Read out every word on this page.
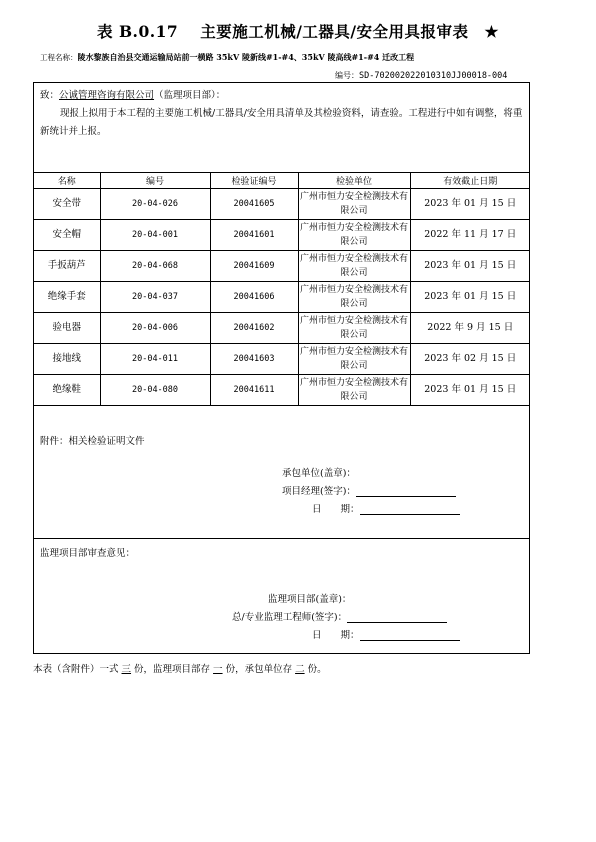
表 B.0.17 主要施工机械/工器具/安全用具报审表 ★
工程名称：陵水黎族自治县交通运输局站前一横路 35kV 陵新线#1-#4、35kV 陵高线#1-#4 迁改工程
编号：SD-702002022010310JJ00018-004
致：公诚管理咨询有限公司（监理项目部）：
现报上拟用于本工程的主要施工机械/工器具/安全用具清单及其检验资料，请查验。工程进行中如有调整，将重新统计并上报。
名称	编号	检验证编号	检验单位	有效截止日期
安全带	20-04-026	20041605	广州市恒力安全检测技术有限公司	2023 年 01 月 15 日
安全帽	20-04-001	20041601	广州市恒力安全检测技术有限公司	2022 年 11 月 17 日
手扳葫芦	20-04-068	20041609	广州市恒力安全检测技术有限公司	2023 年 01 月 15 日
绝缘手套	20-04-037	20041606	广州市恒力安全检测技术有限公司	2023 年 01 月 15 日
验电器	20-04-006	20041602	广州市恒力安全检测技术有限公司	2022 年 9 月 15 日
接地线	20-04-011	20041603	广州市恒力安全检测技术有限公司	2023 年 02 月 15 日
绝缘鞋	20-04-080	20041611	广州市恒力安全检测技术有限公司	2023 年 01 月 15 日
附件：相关检验证明文件
承包单位(盖章)：
项目经理(签字)：
日　　期：
监理项目部审查意见：
监理项目部(盖章)：
总/专业监理工程师(签字)：
日　　期：
本表（含附件）一式 三 份，监理项目部存 一 份，承包单位存 二 份。
